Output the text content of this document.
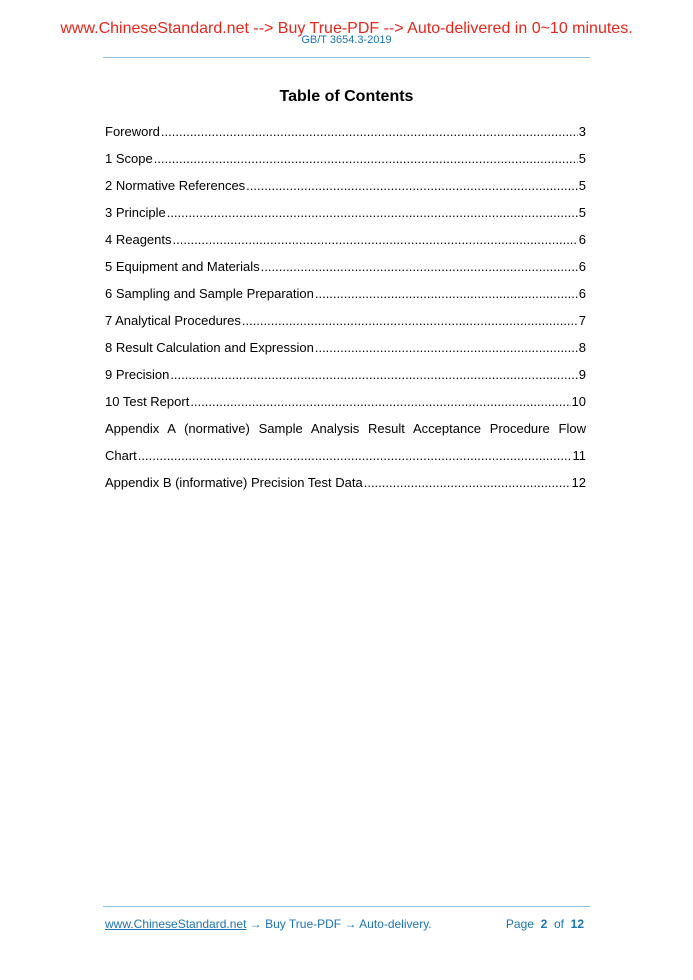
www.ChineseStandard.net --> Buy True-PDF --> Auto-delivered in 0~10 minutes.
GB/T 3654.3-2019
Table of Contents
Foreword .....	3
1 Scope .....	5
2 Normative References .....	5
3 Principle .....	5
4 Reagents .....	6
5 Equipment and Materials .....	6
6 Sampling and Sample Preparation .....	6
7 Analytical Procedures .....	7
8 Result Calculation and Expression .....	8
9 Precision .....	9
10 Test Report .....	10
Appendix A (normative) Sample Analysis Result Acceptance Procedure Flow
Chart .....	11
Appendix B (informative) Precision Test Data .....	12
www.ChineseStandard.net → Buy True-PDF → Auto-delivery.	Page 2 of 12
